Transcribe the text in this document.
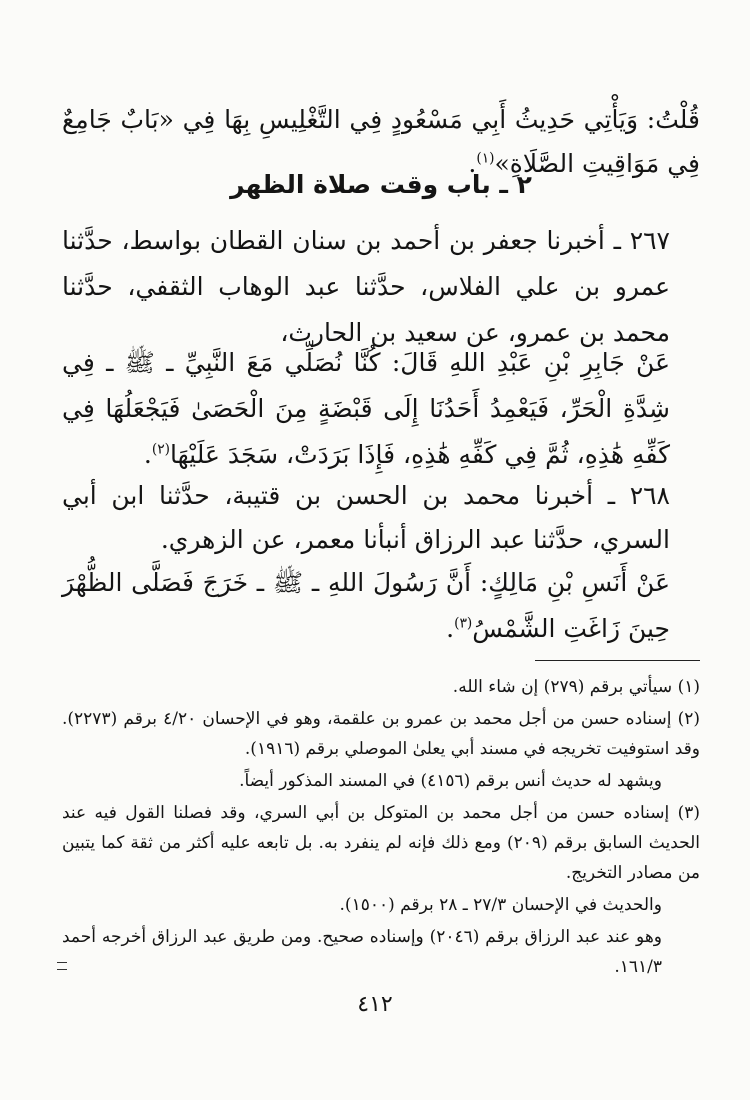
قُلْتُ: وَيَأْتِي حَدِيثُ أَبِي مَسْعُودٍ فِي التَّغْلِيسِ بِهَا فِي «بَابٌ جَامِعٌ فِي مَوَاقِيتِ الصَّلَاةِ»$^{(١)}$.

٢ ـ باب وقت صلاة الظهر

٢٦٧ ـ أخبرنا جعفر بن أحمد بن سنان القطان بواسط، حدَّثنا عمرو بن علي الفلاس، حدَّثنا عبد الوهاب الثقفي، حدَّثنا محمد بن عمرو، عن سعيد بن الحارث،

عَنْ جَابِرِ بْنِ عَبْدِ اللهِ قَالَ: كُنَّا نُصَلِّي مَعَ النَّبِيِّ ـ ﷺ ـ فِي شِدَّةِ الْحَرِّ، فَيَعْمِدُ أَحَدُنَا إِلَى قَبْضَةٍ مِنَ الْحَصَىٰ فَيَجْعَلُهَا فِي كَفِّهِ هَٰذِهِ، ثُمَّ فِي كَفِّهِ هَٰذِهِ، فَإِذَا بَرَدَتْ، سَجَدَ عَلَيْهَا$^{(٢)}$.

٢٦٨ ـ أخبرنا محمد بن الحسن بن قتيبة، حدَّثنا ابن أبي السري، حدَّثنا عبد الرزاق أنبأنا معمر، عن الزهري.

عَنْ أَنَسِ بْنِ مَالِكٍ: أَنَّ رَسُولَ اللهِ ـ ﷺ ـ خَرَجَ فَصَلَّى الظُّهْرَ حِينَ زَاغَتِ الشَّمْسُ$^{(٣)}$.

(١) سيأتي برقم (٢٧٩) إن شاء الله.

(٢) إسناده حسن من أجل محمد بن عمرو بن علقمة، وهو في الإحسان ٤/٢٠ برقم (٢٢٧٣). وقد استوفيت تخريجه في مسند أبي يعلىٰ الموصلي برقم (١٩١٦).

ويشهد له حديث أنس برقم (٤١٥٦) في المسند المذكور أيضاً.

(٣) إسناده حسن من أجل محمد بن المتوكل بن أبي السري، وقد فصلنا القول فيه عند الحديث السابق برقم (٢٠٩) ومع ذلك فإنه لم ينفرد به. بل تابعه عليه أكثر من ثقة كما يتبين من مصادر التخريج.

والحديث في الإحسان ٢٧/٣ ـ ٢٨ برقم (١٥٠٠).

وهو عند عبد الرزاق برقم (٢٠٤٦) وإسناده صحيح. ومن طريق عبد الرزاق أخرجه أحمد ١٦١/٣.

٤١٢
